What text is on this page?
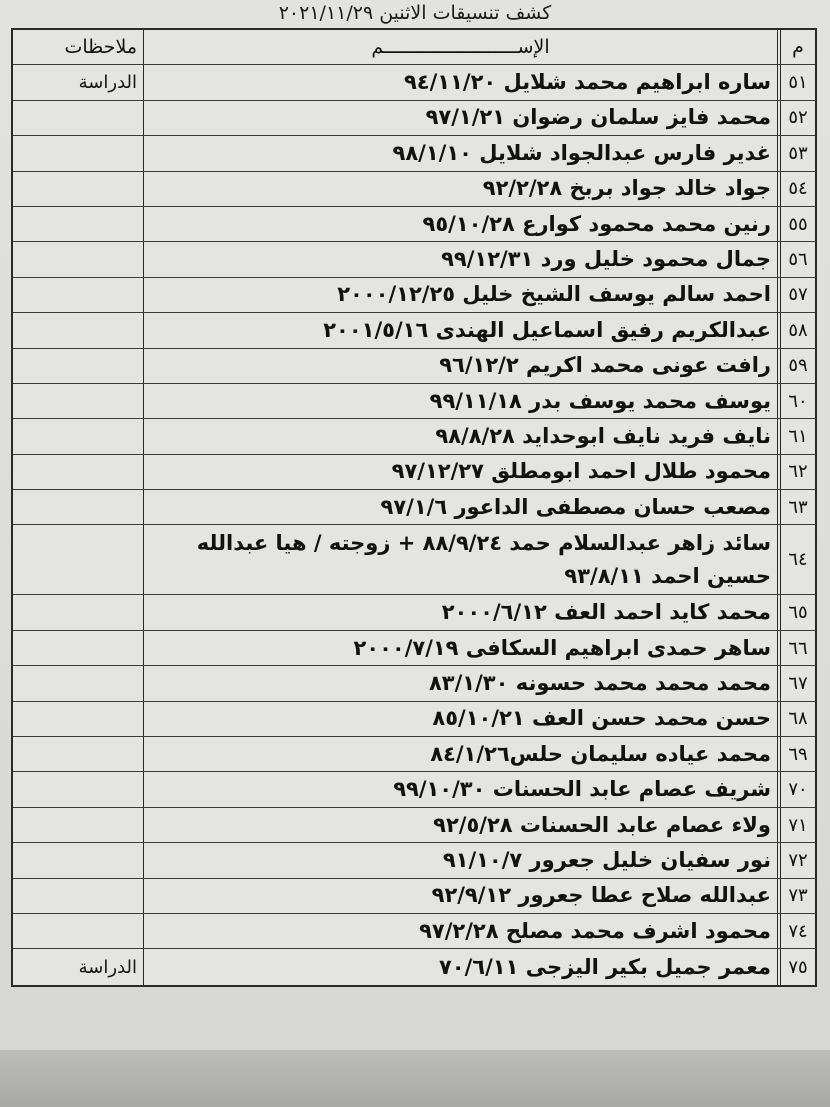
كشف تنسيقات الاثنين ٢٠٢١/١١/٢٩
م
الإســــــــــــــــــــــــم
ملاحظات
٥١
ساره ابراهيم محمد شلايل ٩٤/١١/٢٠
الدراسة
٥٢
محمد فايز سلمان رضوان ٩٧/١/٢١
٥٣
غدير فارس عبدالجواد شلايل ٩٨/١/١٠
٥٤
جواد خالد جواد بربخ ٩٢/٢/٢٨
٥٥
رنين محمد محمود كوارع ٩٥/١٠/٢٨
٥٦
جمال محمود خليل ورد ٩٩/١٢/٣١
٥٧
احمد سالم يوسف الشيخ خليل ٢٠٠٠/١٢/٢٥
٥٨
عبدالكريم رفيق اسماعيل الهندى ٢٠٠١/٥/١٦
٥٩
رافت عونى محمد اكريم ٩٦/١٢/٢
٦٠
يوسف محمد يوسف بدر ٩٩/١١/١٨
٦١
نايف فريد نايف ابوحدايد ٩٨/٨/٢٨
٦٢
محمود طلال احمد ابومطلق ٩٧/١٢/٢٧
٦٣
مصعب حسان مصطفى الداعور ٩٧/١/٦
٦٤
سائد زاهر عبدالسلام حمد ٨٨/٩/٢٤ + زوجته / هيا عبدالله حسين احمد ٩٣/٨/١١
٦٥
محمد كايد احمد العف ٢٠٠٠/٦/١٢
٦٦
ساهر حمدى ابراهيم السكافى ٢٠٠٠/٧/١٩
٦٧
محمد محمد محمد حسونه ٨٣/١/٣٠
٦٨
حسن محمد حسن العف ٨٥/١٠/٢١
٦٩
محمد عياده سليمان حلس٨٤/١/٢٦
٧٠
شريف عصام عابد الحسنات ٩٩/١٠/٣٠
٧١
ولاء عصام عابد الحسنات ٩٢/٥/٢٨
٧٢
نور سفيان خليل جعرور ٩١/١٠/٧
٧٣
عبدالله صلاح عطا جعرور ٩٢/٩/١٢
٧٤
محمود اشرف محمد مصلح ٩٧/٢/٢٨
٧٥
معمر جميل بكير اليزجى ٧٠/٦/١١
الدراسة
